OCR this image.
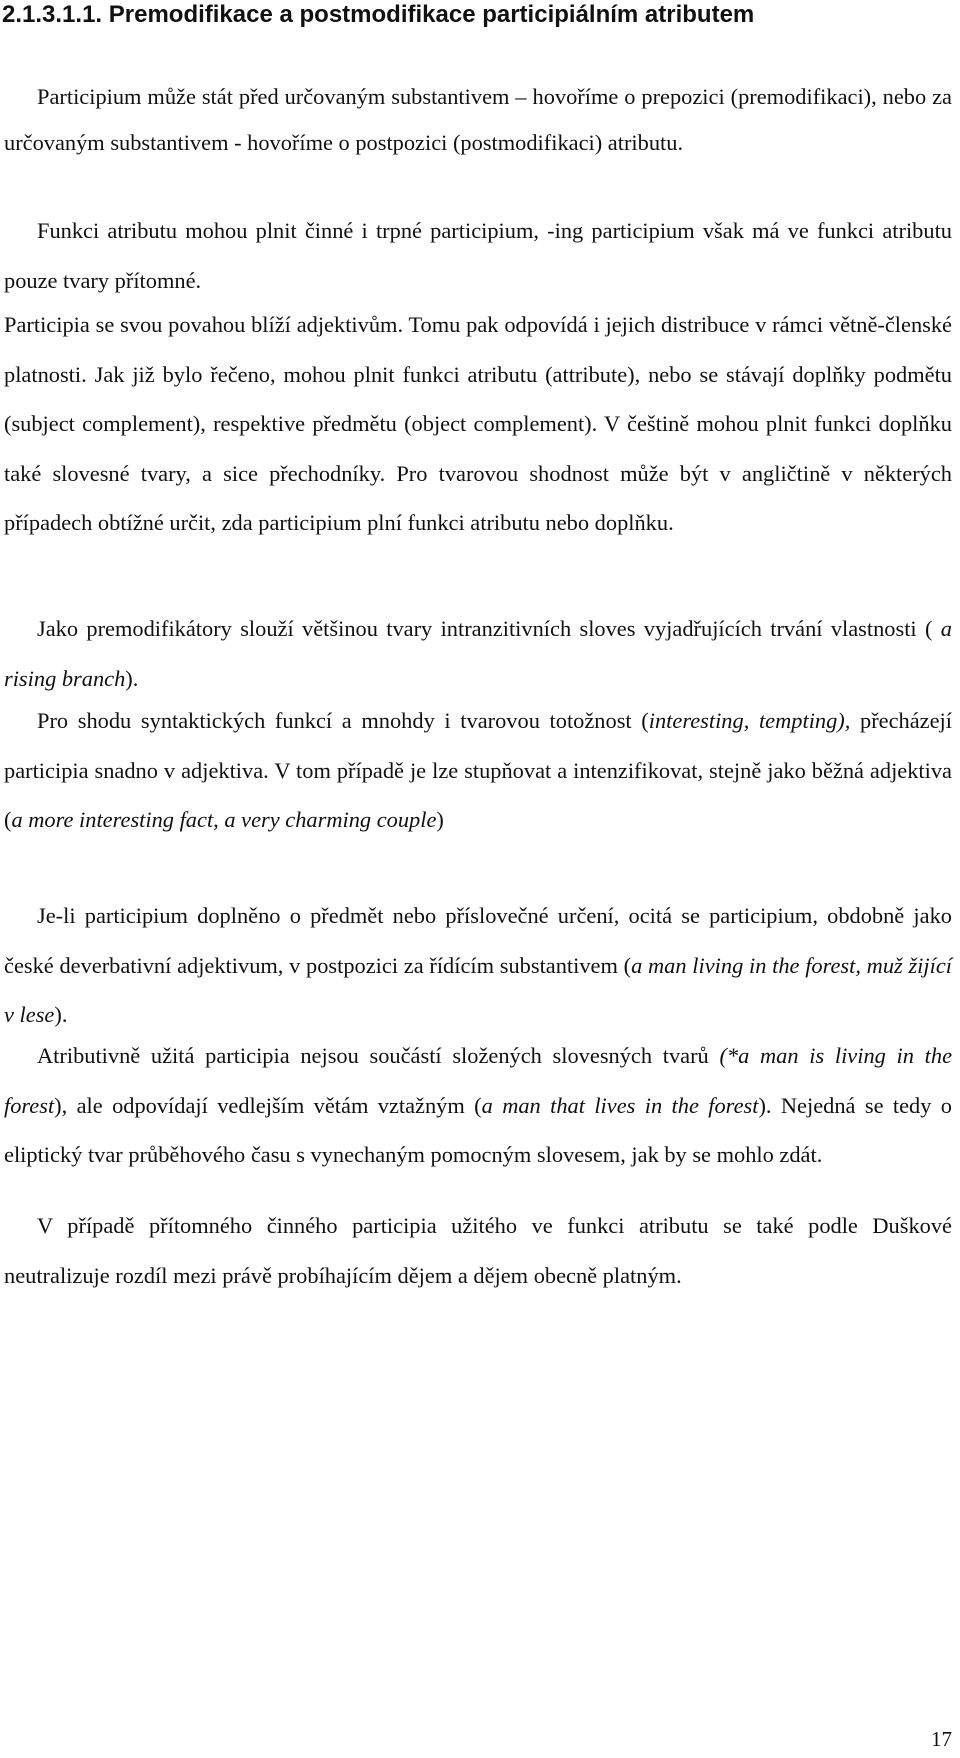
2.1.3.1.1. Premodifikace a postmodifikace participiálním atributem

Participium může stát před určovaným substantivem – hovoříme o prepozici (premodifikaci), nebo za určovaným substantivem - hovoříme o postpozici (postmodifikaci) atributu.

Funkci atributu mohou plnit činné i trpné participium, -ing participium však má ve funkci atributu pouze tvary přítomné.

Participia se svou povahou blíží adjektivům. Tomu pak odpovídá i jejich distribuce v rámci větně-členské platnosti. Jak již bylo řečeno, mohou plnit funkci atributu (attribute), nebo se stávají doplňky podmětu (subject complement), respektive předmětu (object complement). V češtině mohou plnit funkci doplňku také slovesné tvary, a sice přechodníky. Pro tvarovou shodnost může být v angličtině v některých případech obtížné určit, zda participium plní funkci atributu nebo doplňku.

Jako premodifikátory slouží většinou tvary intranzitivních sloves vyjadřujících trvání vlastnosti ( a rising branch).

Pro shodu syntaktických funkcí a mnohdy i tvarovou totožnost (interesting, tempting), přecházejí participia snadno v adjektiva. V tom případě je lze stupňovat a intenzifikovat, stejně jako běžná adjektiva (a more interesting fact, a very charming couple)

Je-li participium doplněno o předmět nebo příslovečné určení, ocitá se participium, obdobně jako české deverbativní adjektivum, v postpozici za řídícím substantivem (a man living in the forest, muž žijící v lese).

Atributivně užitá participia nejsou součástí složených slovesných tvarů (*a man is living in the forest), ale odpovídají vedlejším větám vztažným (a man that lives in the forest). Nejedná se tedy o eliptický tvar průběhového času s vynechaným pomocným slovesem, jak by se mohlo zdát.

V případě přítomného činného participia užitého ve funkci atributu se také podle Duškové neutralizuje rozdíl mezi právě probíhajícím dějem a dějem obecně platným.

17
